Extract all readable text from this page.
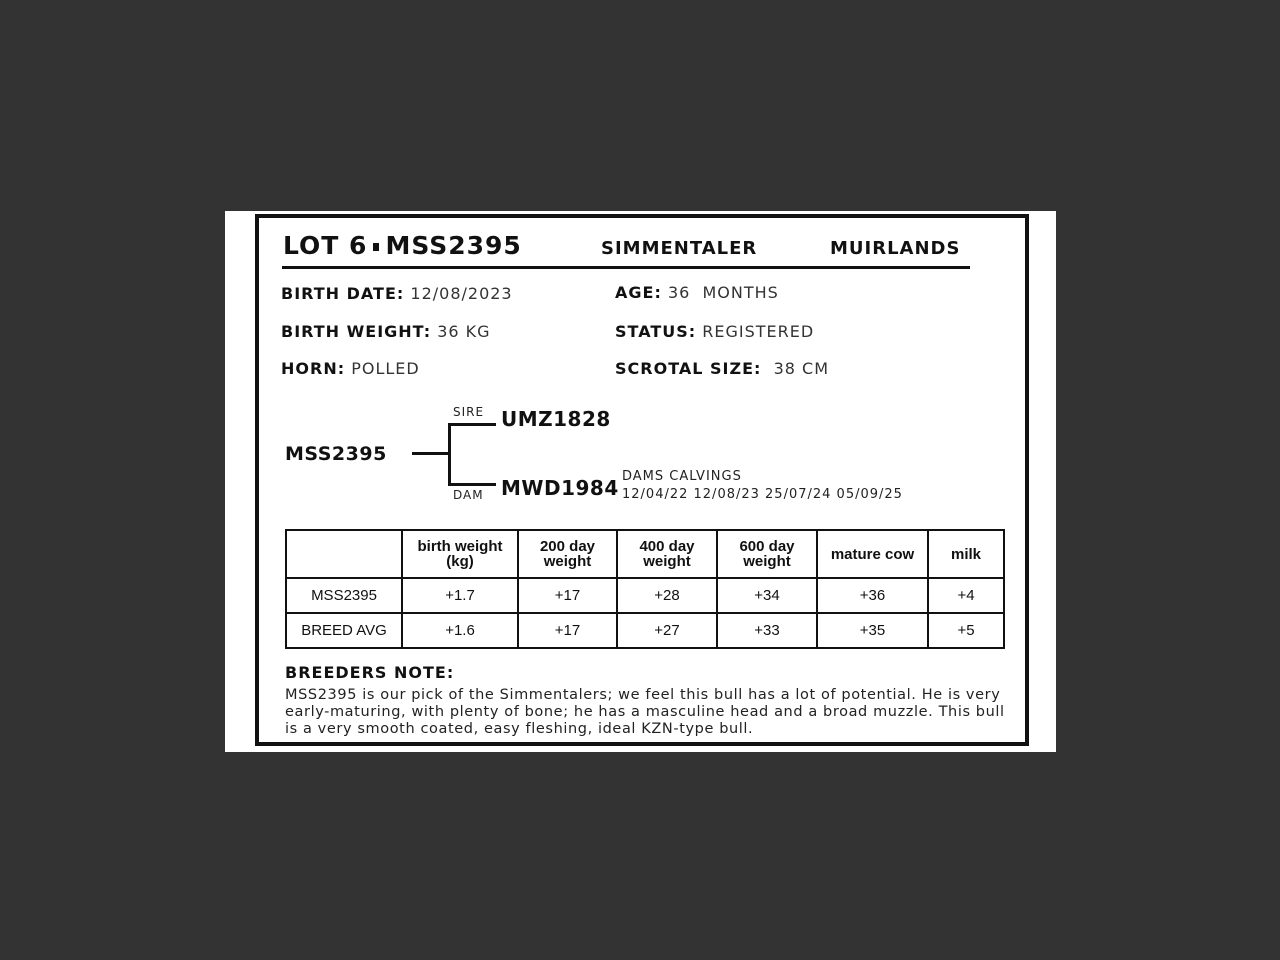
LOT 6 MSS2395	SIMMENTALER	MUIRLANDS
BIRTH DATE: 12/08/2023	AGE: 36  MONTHS
BIRTH WEIGHT: 36 KG	STATUS: REGISTERED
HORN: POLLED	SCROTAL SIZE:  38 CM
MSS2395
SIRE UMZ1828
DAM MWD1984 DAMS CALVINGS
12/04/22 12/08/23 25/07/24 05/09/25
	birth weight (kg)	200 day weight	400 day weight	600 day weight	mature cow	milk
MSS2395	+1.7	+17	+28	+34	+36	+4
BREED AVG	+1.6	+17	+27	+33	+35	+5
BREEDERS NOTE:
MSS2395 is our pick of the Simmentalers; we feel this bull has a lot of potential. He is very early-maturing, with plenty of bone; he has a masculine head and a broad muzzle. This bull is a very smooth coated, easy fleshing, ideal KZN-type bull.
